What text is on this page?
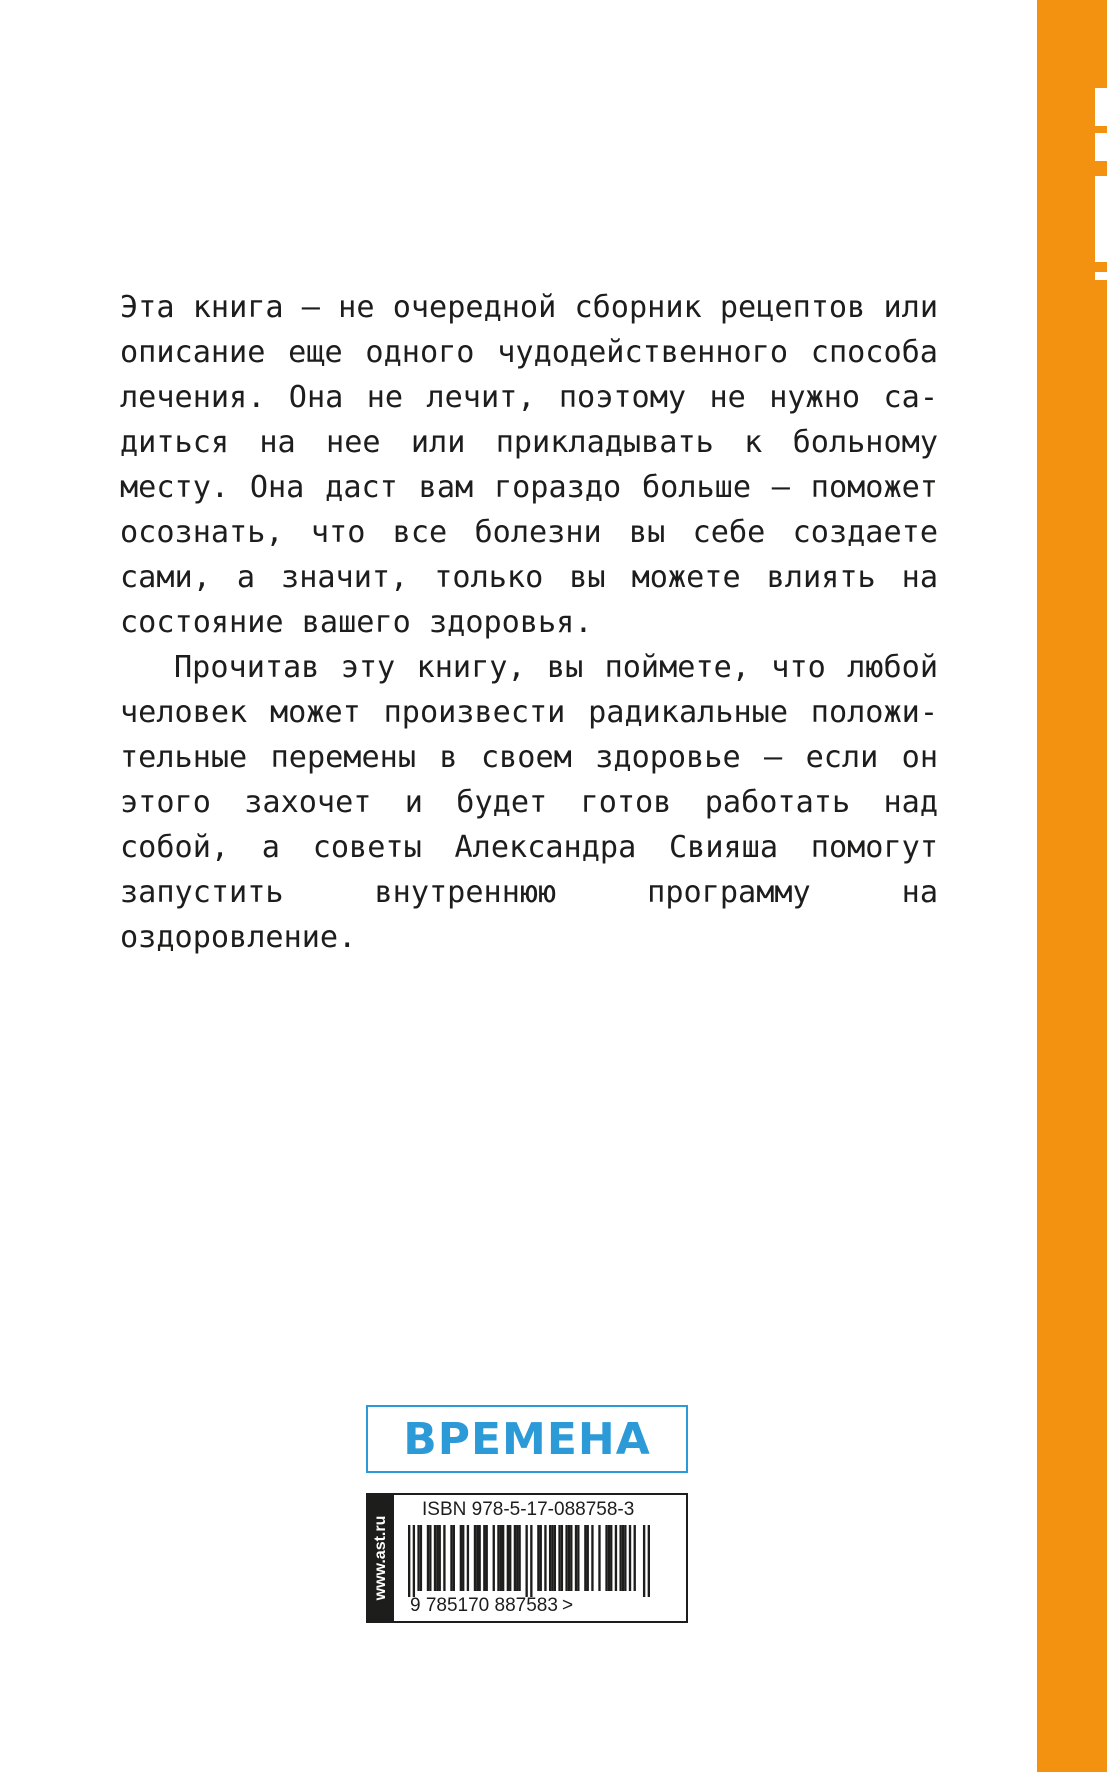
Эта книга — не очередной сборник рецептов или описание еще одного чудодейственного способа лечения. Она не лечит, поэтому не нужно садиться на нее или прикладывать к больному месту. Она даст вам гораздо больше — поможет осознать, что все болезни вы себе создаете сами, а значит, только вы можете влиять на состояние вашего здоровья.

Прочитав эту книгу, вы поймете, что любой человек может произвести радикальные положительные перемены в своем здоровье — если он этого захочет и будет готов работать над собой, а советы Александра Свияша помогут запустить внутреннюю программу на оздоровление.

ВРЕМЕНА
www.ast.ru
ISBN 978-5-17-088758-3
9 785170 887583 >
